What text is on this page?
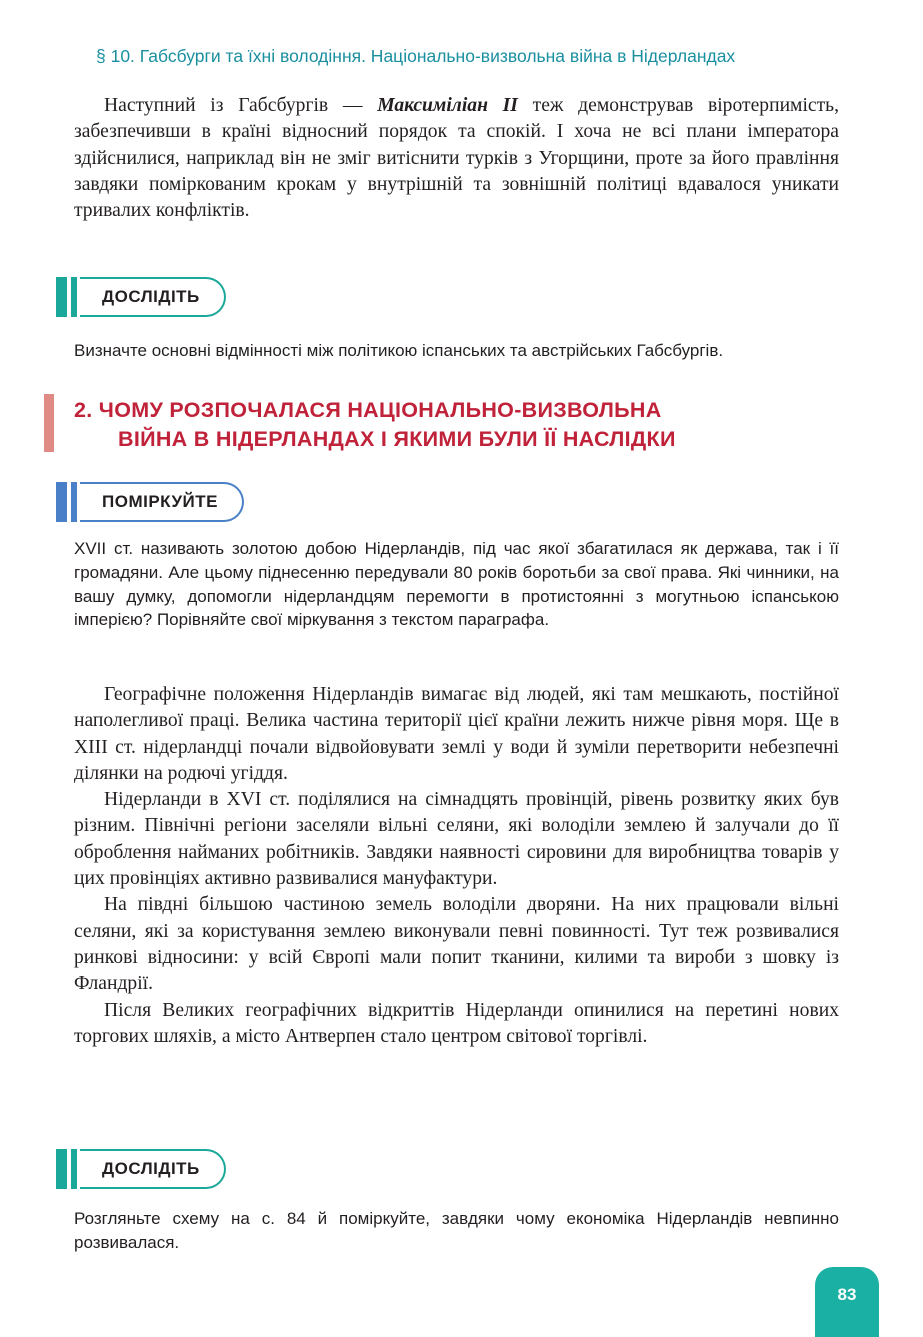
§ 10. Габсбурги та їхні володіння. Національно-визвольна війна в Нідерландах

Наступний із Габсбургів — Максиміліан II теж демонстрував віротерпимість, забезпечивши в країні відносний порядок та спокій. І хоча не всі плани імператора здійснилися, наприклад він не зміг витіснити турків з Угорщини, проте за його правління завдяки поміркованим крокам у внутрішній та зовнішній політиці вдавалося уникати тривалих конфліктів.

ДОСЛІДІТЬ
Визначте основні відмінності між політикою іспанських та австрійських Габсбургів.
2. ЧОМУ РОЗПОЧАЛАСЯ НАЦІОНАЛЬНО-ВИЗВОЛЬНА
ВІЙНА В НІДЕРЛАНДАХ І ЯКИМИ БУЛИ ЇЇ НАСЛІДКИ
ПОМІРКУЙТЕ
XVII ст. називають золотою добою Нідерландів, під час якої збагатилася як держава, так і її громадяни. Але цьому піднесенню передували 80 років боротьби за свої права. Які чинники, на вашу думку, допомогли нідерландцям перемогти в протистоянні з могутньою іспанською імперією? Порівняйте свої міркування з текстом параграфа.

Географічне положення Нідерландів вимагає від людей, які там мешкають, постійної наполегливої праці. Велика частина території цієї країни лежить нижче рівня моря. Ще в XIII ст. нідерландці почали відвойовувати землі у води й зуміли перетворити небезпечні ділянки на родючі угіддя.

Нідерланди в XVI ст. поділялися на сімнадцять провінцій, рівень розвитку яких був різним. Північні регіони заселяли вільні селяни, які володіли землею й залучали до її оброблення найманих робітників. Завдяки наявності сировини для виробництва товарів у цих провінціях активно развивалися мануфактури.

На півдні більшою частиною земель володіли дворяни. На них працювали вільні селяни, які за користування землею виконували певні повинності. Тут теж розвивалися ринкові відносини: у всій Європі мали попит тканини, килими та вироби з шовку із Фландрії.

Після Великих географічних відкриттів Нідерланди опинилися на перетині нових торгових шляхів, а місто Антверпен стало центром світової торгівлі.

ДОСЛІДІТЬ
Розгляньте схему на с. 84 й поміркуйте, завдяки чому економіка Нідерландів невпинно розвивалася.
83
